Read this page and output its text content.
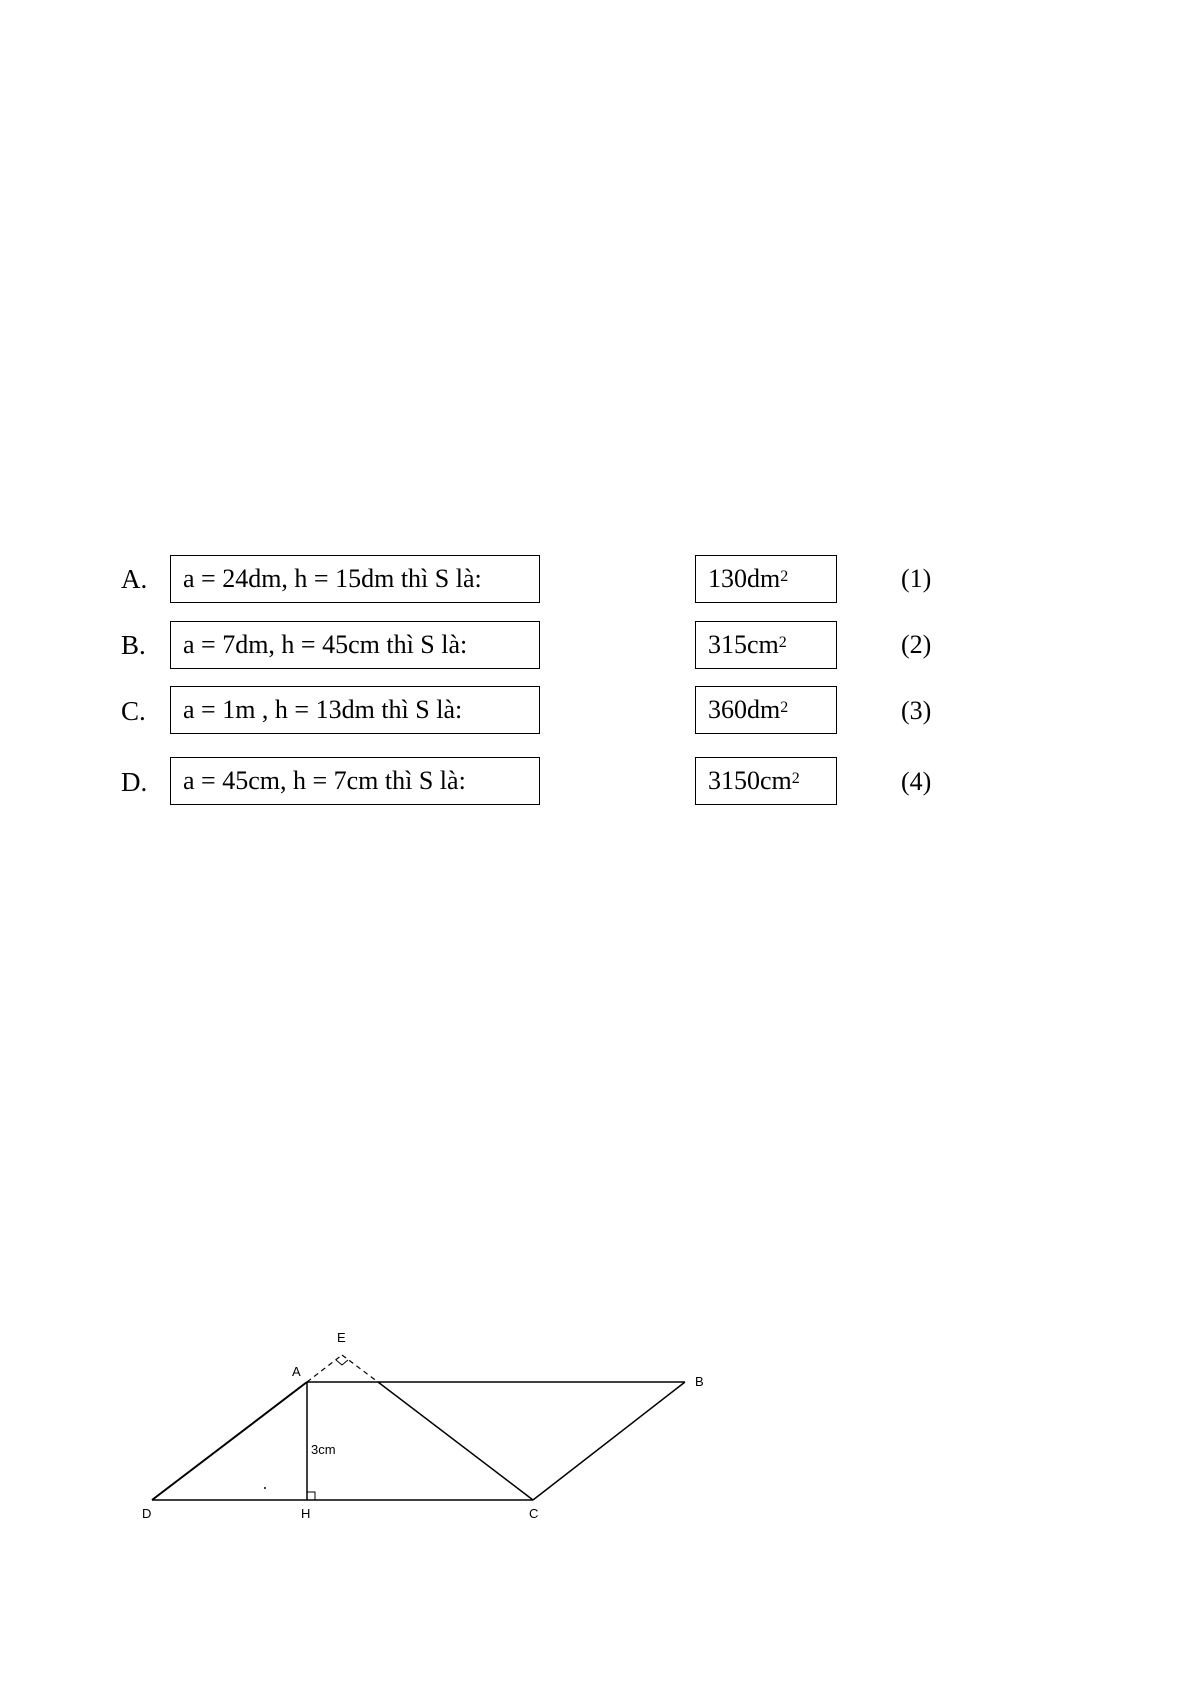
A. a = 24dm, h = 15dm thì S là:	$130dm^2$	(1)
B. a = 7dm, h = 45cm thì S là:	$315cm^2$	(2)
C. a = 1m , h = 13dm thì S là:	$360dm^2$	(3)
D. a = 45cm, h = 7cm thì S là:	$3150cm^2$	(4)
E
A
B
D	H	C
3cm
